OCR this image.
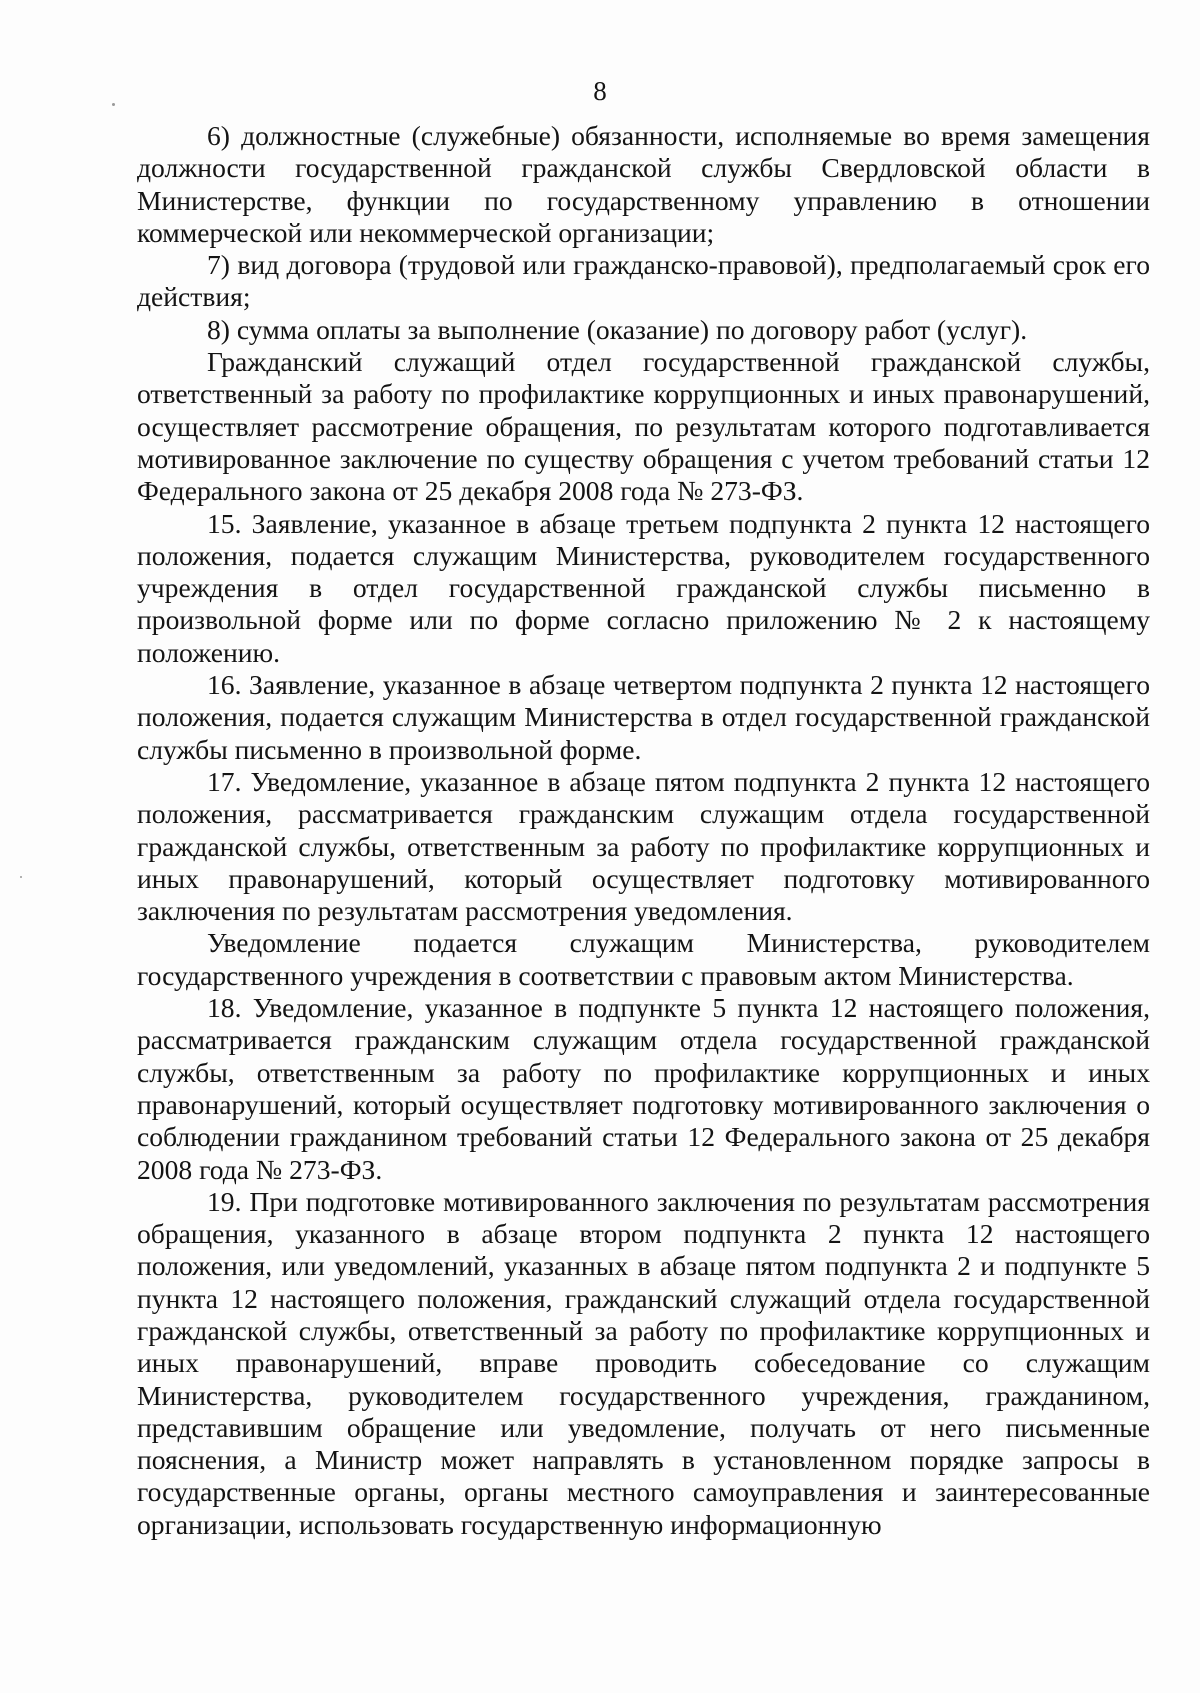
8

6) должностные (служебные) обязанности, исполняемые во время замещения должности государственной гражданской службы Свердловской области в Министерстве, функции по государственному управлению в отношении коммерческой или некоммерческой организации;

7) вид договора (трудовой или гражданско-правовой), предполагаемый срок его действия;

8) сумма оплаты за выполнение (оказание) по договору работ (услуг).

Гражданский служащий отдел государственной гражданской службы, ответственный за работу по профилактике коррупционных и иных правонарушений, осуществляет рассмотрение обращения, по результатам которого подготавливается мотивированное заключение по существу обращения с учетом требований статьи 12 Федерального закона от 25 декабря 2008 года № 273-ФЗ.

15. Заявление, указанное в абзаце третьем подпункта 2 пункта 12 настоящего положения, подается служащим Министерства, руководителем государственного учреждения в отдел государственной гражданской службы письменно в произвольной форме или по форме согласно приложению № 2 к настоящему положению.

16. Заявление, указанное в абзаце четвертом подпункта 2 пункта 12 настоящего положения, подается служащим Министерства в отдел государственной гражданской службы письменно в произвольной форме.

17. Уведомление, указанное в абзаце пятом подпункта 2 пункта 12 настоящего положения, рассматривается гражданским служащим отдела государственной гражданской службы, ответственным за работу по профилактике коррупционных и иных правонарушений, который осуществляет подготовку мотивированного заключения по результатам рассмотрения уведомления.

Уведомление подается служащим Министерства, руководителем государственного учреждения в соответствии с правовым актом Министерства.

18. Уведомление, указанное в подпункте 5 пункта 12 настоящего положения, рассматривается гражданским служащим отдела государственной гражданской службы, ответственным за работу по профилактике коррупционных и иных правонарушений, который осуществляет подготовку мотивированного заключения о соблюдении гражданином требований статьи 12 Федерального закона от 25 декабря 2008 года № 273-ФЗ.

19. При подготовке мотивированного заключения по результатам рассмотрения обращения, указанного в абзаце втором подпункта 2 пункта 12 настоящего положения, или уведомлений, указанных в абзаце пятом подпункта 2 и подпункте 5 пункта 12 настоящего положения, гражданский служащий отдела государственной гражданской службы, ответственный за работу по профилактике коррупционных и иных правонарушений, вправе проводить собеседование со служащим Министерства, руководителем государственного учреждения, гражданином, представившим обращение или уведомление, получать от него письменные пояснения, а Министр может направлять в установленном порядке запросы в государственные органы, органы местного самоуправления и заинтересованные организации, использовать государственную информационную
